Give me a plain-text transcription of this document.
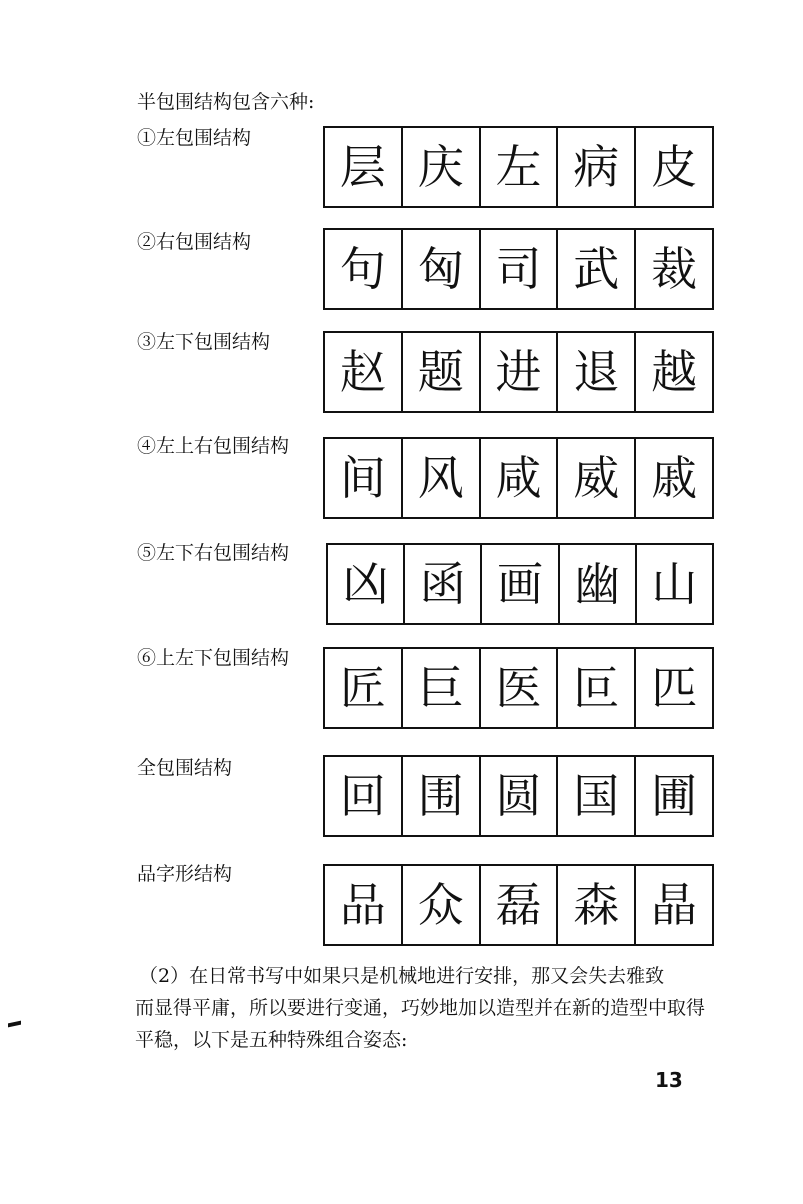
半包围结构包含六种:
①左包围结构
层 庆 左 病 皮
②右包围结构	句 匈 司 武 裁
③左下包围结构
赵 题 进 退 越
④左上右包围结构
间 风 咸 威 戚
⑤左下右包围结构
凶 函 画 幽 山
⑥上左下包围结构
匠 巨 医 叵 匹
全包围结构
回 围 圆 国 圃
品字形结构
品 众 磊 森 晶
（2）在日常书写中如果只是机械地进行安排，那又会失去雅致
而显得平庸，所以要进行变通，巧妙地加以造型并在新的造型中取得
平稳，以下是五种特殊组合姿态:
13
